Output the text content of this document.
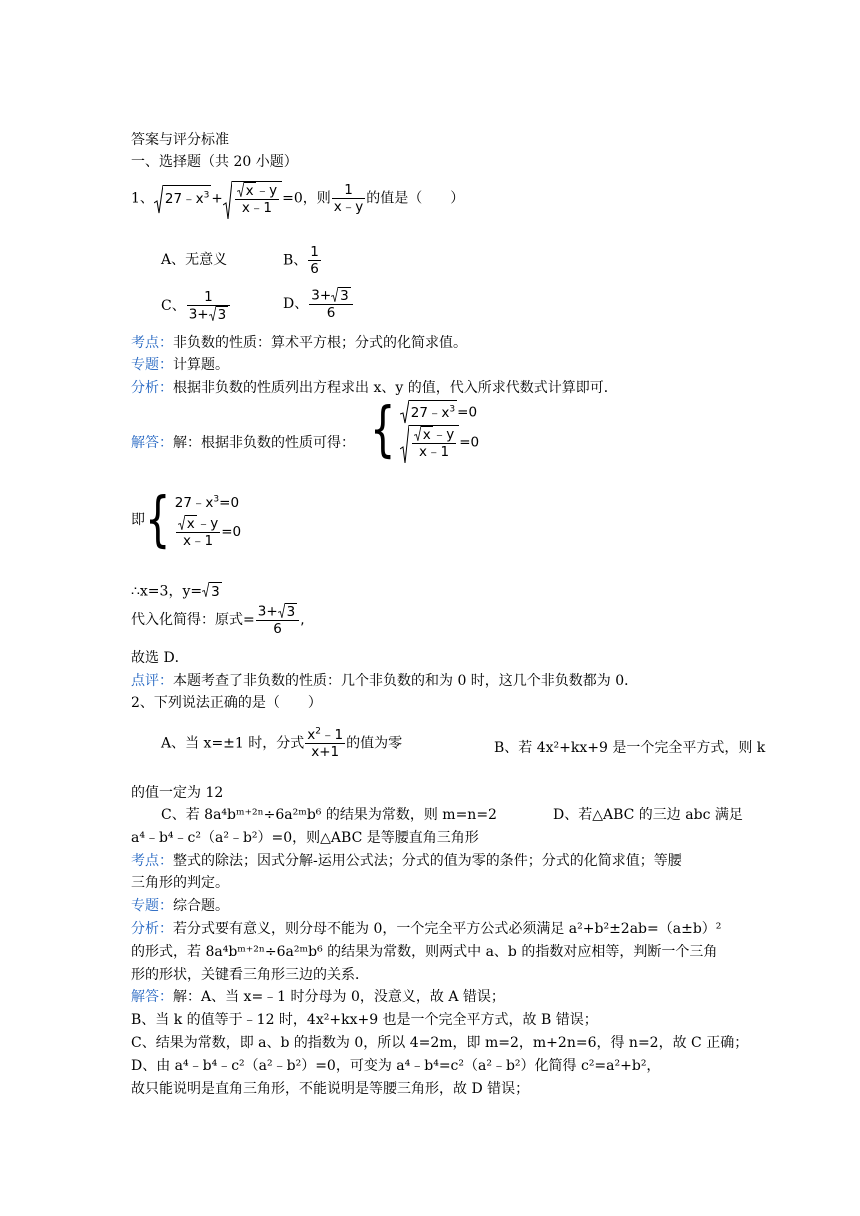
答案与评分标准
一、选择题（共 20 小题）
1、 $27﹣x^3 + \frac{x ﹣y}{x﹣1} =0$，则 $\frac{1}{x﹣y}$ 的值是（　　）
A、无意义	B、 $\frac{1}{6}$
C、 $\frac{1}{3+ 3}$	D、 $\frac{3+ 3}{6}$
考点：非负数的性质：算术平方根；分式的化简求值。
专题：计算题。
分析：根据非负数的性质列出方程求出 x、y 的值，代入所求代数式计算即可．
解答：解：根据非负数的性质可得： {	$27﹣x^3 =0$
$\frac{x ﹣y}{x﹣1} =0$
即{ $27﹣x^3=0$
$\frac{x ﹣y}{x﹣1} =0$
∴x=3，y= 3
代入化简得：原式= $\frac{3+ 3}{6}$ ,
故选 D．
点评：本题考查了非负数的性质：几个非负数的和为 0 时，这几个非负数都为 0．
2、下列说法正确的是（　　）
A、当 x=±1 时，分式 $\frac{x^2﹣1}{x+1}$ 的值为零	B、若 4x²+kx+9 是一个完全平方式，则 k
的值一定为 12
C、若 8a⁴bᵐ⁺²ⁿ÷6a²ᵐb⁶ 的结果为常数，则 m=n=2	D、若△ABC 的三边 abc 满足
a⁴﹣b⁴﹣c²（a²﹣b²）=0，则△ABC 是等腰直角三角形
考点：整式的除法；因式分解-运用公式法；分式的值为零的条件；分式的化简求值；等腰
三角形的判定。
专题：综合题。
分析：若分式要有意义，则分母不能为 0，一个完全平方公式必须满足 a²+b²±2ab=（a±b）²
的形式，若 8a⁴bᵐ⁺²ⁿ÷6a²ᵐb⁶ 的结果为常数，则两式中 a、b 的指数对应相等，判断一个三角
形的形状，关键看三角形三边的关系．
解答：解：A、当 x=﹣1 时分母为 0，没意义，故 A 错误；
B、当 k 的值等于﹣12 时，4x²+kx+9 也是一个完全平方式，故 B 错误；
C、结果为常数，即 a、b 的指数为 0，所以 4=2m，即 m=2，m+2n=6，得 n=2，故 C 正确；
D、由 a⁴﹣b⁴﹣c²（a²﹣b²）=0，可变为 a⁴﹣b⁴=c²（a²﹣b²）化简得 c²=a²+b²，
故只能说明是直角三角形，不能说明是等腰三角形，故 D 错误；
